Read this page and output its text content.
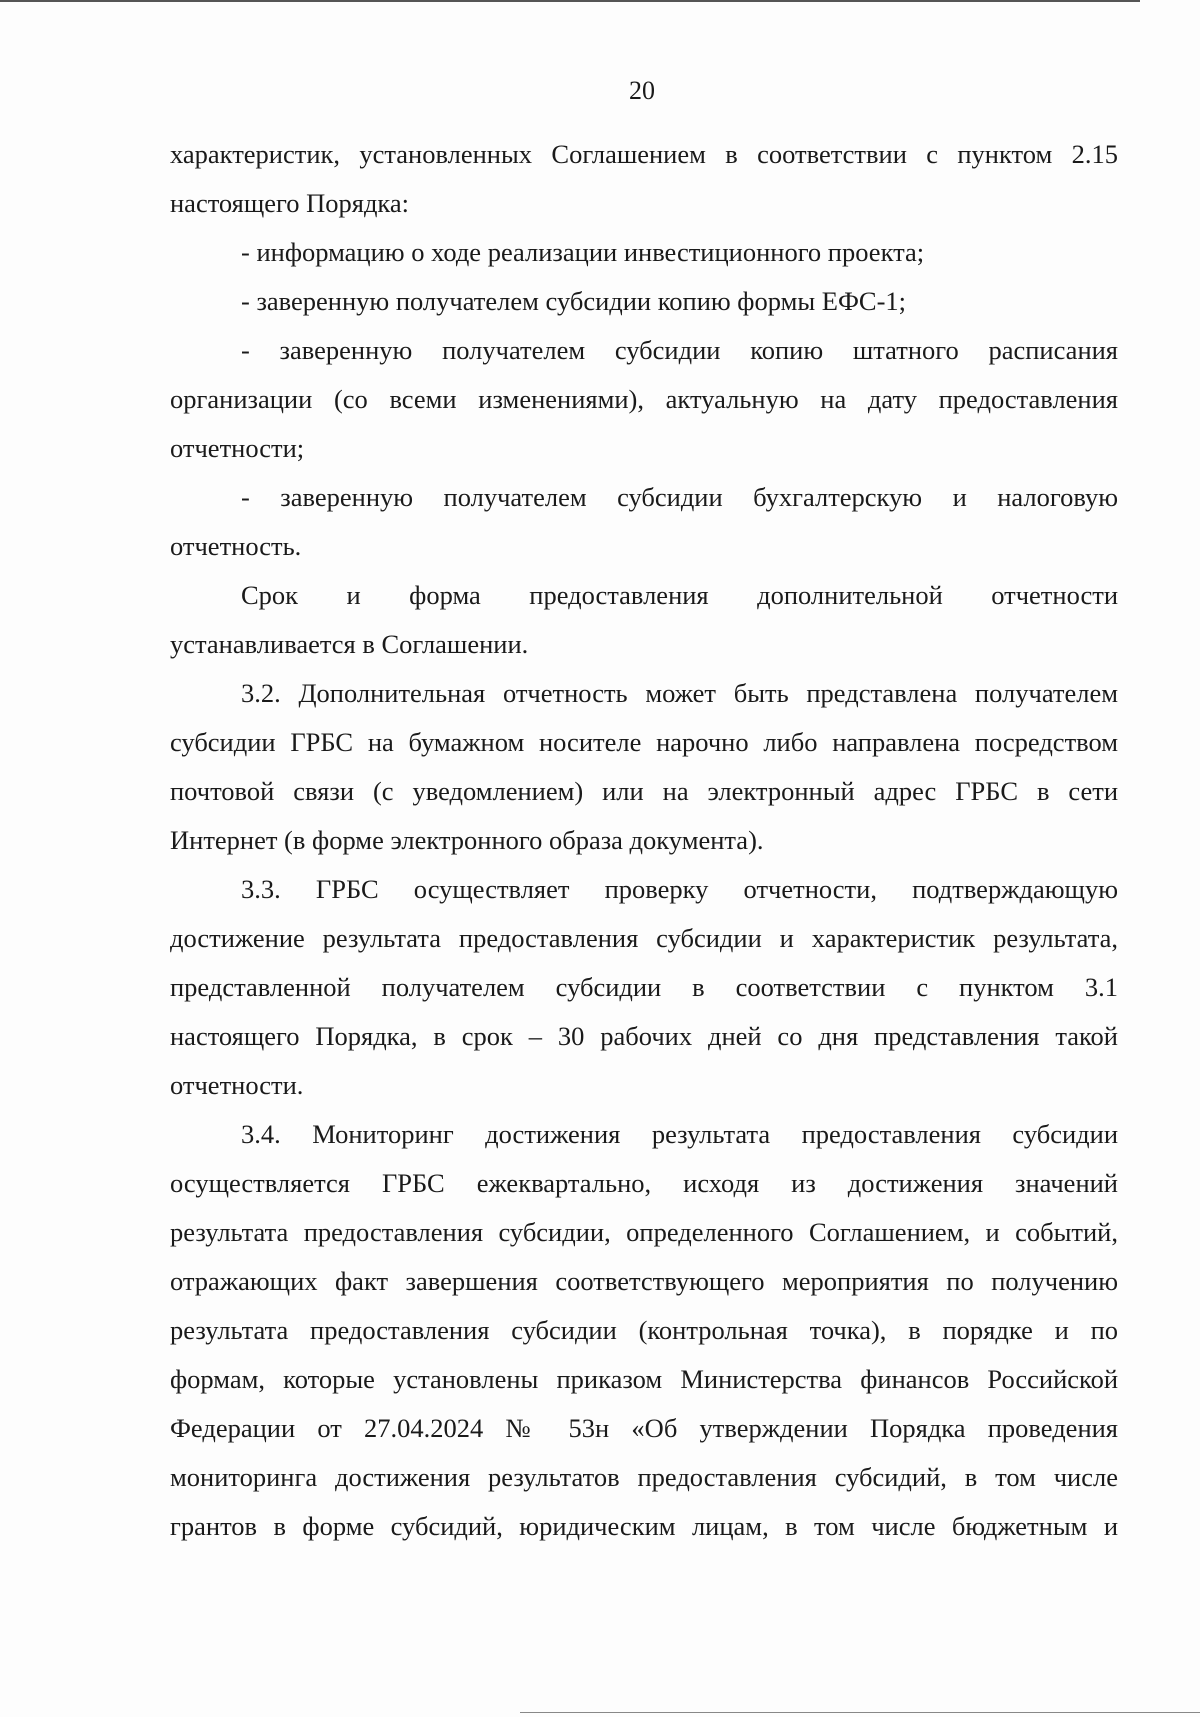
20

характеристик, установленных Соглашением в соответствии с пунктом 2.15
настоящего Порядка:

- информацию о ходе реализации инвестиционного проекта;

- заверенную получателем субсидии копию формы ЕФС-1;

- заверенную получателем субсидии копию штатного расписания
организации (со всеми изменениями), актуальную на дату предоставления
отчетности;

- заверенную получателем субсидии бухгалтерскую и налоговую
отчетность.

Срок и форма предоставления дополнительной отчетности
устанавливается в Соглашении.

3.2. Дополнительная отчетность может быть представлена получателем
субсидии ГРБС на бумажном носителе нарочно либо направлена посредством
почтовой связи (с уведомлением) или на электронный адрес ГРБС в сети
Интернет (в форме электронного образа документа).

3.3. ГРБС осуществляет проверку отчетности, подтверждающую
достижение результата предоставления субсидии и характеристик результата,
представленной получателем субсидии в соответствии с пунктом 3.1
настоящего Порядка, в срок – 30 рабочих дней со дня представления такой
отчетности.

3.4. Мониторинг достижения результата предоставления субсидии
осуществляется ГРБС ежеквартально, исходя из достижения значений
результата предоставления субсидии, определенного Соглашением, и событий,
отражающих факт завершения соответствующего мероприятия по получению
результата предоставления субсидии (контрольная точка), в порядке и по
формам, которые установлены приказом Министерства финансов Российской
Федерации от 27.04.2024 № 53н «Об утверждении Порядка проведения
мониторинга достижения результатов предоставления субсидий, в том числе
грантов в форме субсидий, юридическим лицам, в том числе бюджетным и
